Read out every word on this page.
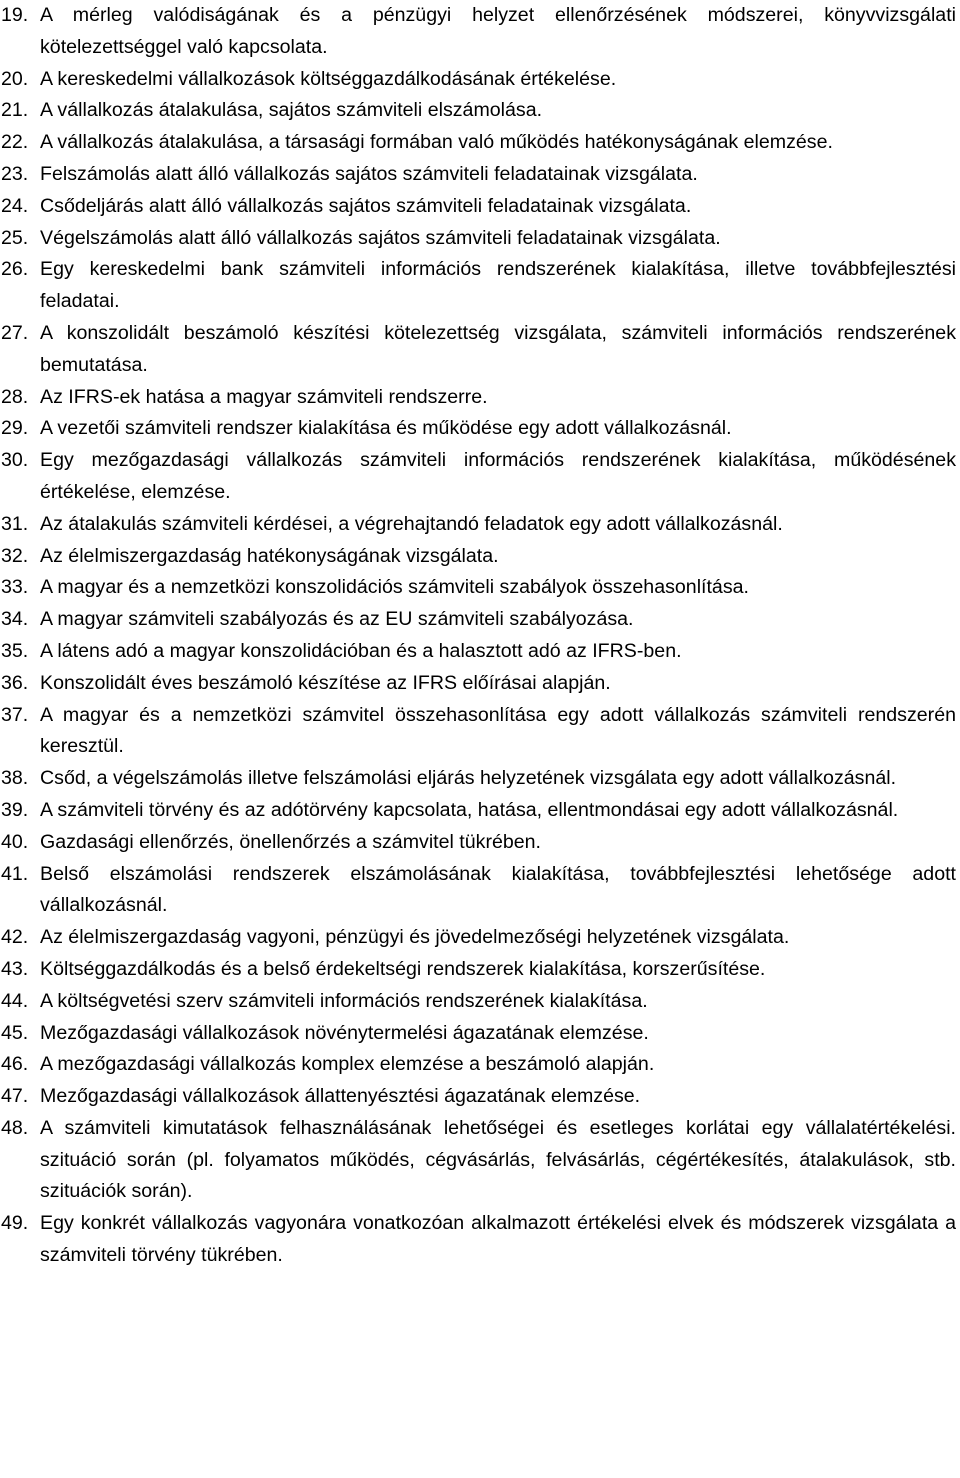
19. A mérleg valódiságának és a pénzügyi helyzet ellenőrzésének módszerei, könyvvizsgálati kötelezettséggel való kapcsolata.
20. A kereskedelmi vállalkozások költséggazdálkodásának értékelése.
21. A vállalkozás átalakulása, sajátos számviteli elszámolása.
22. A vállalkozás átalakulása, a társasági formában való működés hatékonyságának elemzése.
23. Felszámolás alatt álló vállalkozás sajátos számviteli feladatainak vizsgálata.
24. Csődeljárás alatt álló vállalkozás sajátos számviteli feladatainak vizsgálata.
25. Végelszámolás alatt álló vállalkozás sajátos számviteli feladatainak vizsgálata.
26. Egy kereskedelmi bank számviteli információs rendszerének kialakítása, illetve továbbfejlesztési feladatai.
27. A konszolidált beszámoló készítési kötelezettség vizsgálata, számviteli információs rendszerének bemutatása.
28. Az IFRS-ek hatása a magyar számviteli rendszerre.
29. A vezetői számviteli rendszer kialakítása és működése egy adott vállalkozásnál.
30. Egy mezőgazdasági vállalkozás számviteli információs rendszerének kialakítása, működésének értékelése, elemzése.
31. Az átalakulás számviteli kérdései, a végrehajtandó feladatok egy adott vállalkozásnál.
32. Az élelmiszergazdaság hatékonyságának vizsgálata.
33. A magyar és a nemzetközi konszolidációs számviteli szabályok összehasonlítása.
34. A magyar számviteli szabályozás és az EU számviteli szabályozása.
35. A látens adó a magyar konszolidációban és a halasztott adó az IFRS-ben.
36. Konszolidált éves beszámoló készítése az IFRS előírásai alapján.
37. A magyar és a nemzetközi számvitel összehasonlítása egy adott vállalkozás számviteli rendszerén keresztül.
38. Csőd, a végelszámolás illetve felszámolási eljárás helyzetének vizsgálata egy adott vállalkozásnál.
39. A számviteli törvény és az adótörvény kapcsolata, hatása, ellentmondásai egy adott vállalkozásnál.
40. Gazdasági ellenőrzés, önellenőrzés a számvitel tükrében.
41. Belső elszámolási rendszerek elszámolásának kialakítása, továbbfejlesztési lehetősége adott vállalkozásnál.
42. Az élelmiszergazdaság vagyoni, pénzügyi és jövedelmezőségi helyzetének vizsgálata.
43. Költséggazdálkodás és a belső érdekeltségi rendszerek kialakítása, korszerűsítése.
44. A költségvetési szerv számviteli információs rendszerének kialakítása.
45. Mezőgazdasági vállalkozások növénytermelési ágazatának elemzése.
46. A mezőgazdasági vállalkozás komplex elemzése a beszámoló alapján.
47. Mezőgazdasági vállalkozások állattenyésztési ágazatának elemzése.
48. A számviteli kimutatások felhasználásának lehetőségei és esetleges korlátai egy vállalatértékelési. szituáció során (pl. folyamatos működés, cégvásárlás, felvásárlás, cégértékesítés, átalakulások, stb. szituációk során).
49. Egy konkrét vállalkozás vagyonára vonatkozóan alkalmazott értékelési elvek és módszerek vizsgálata a számviteli törvény tükrében.
